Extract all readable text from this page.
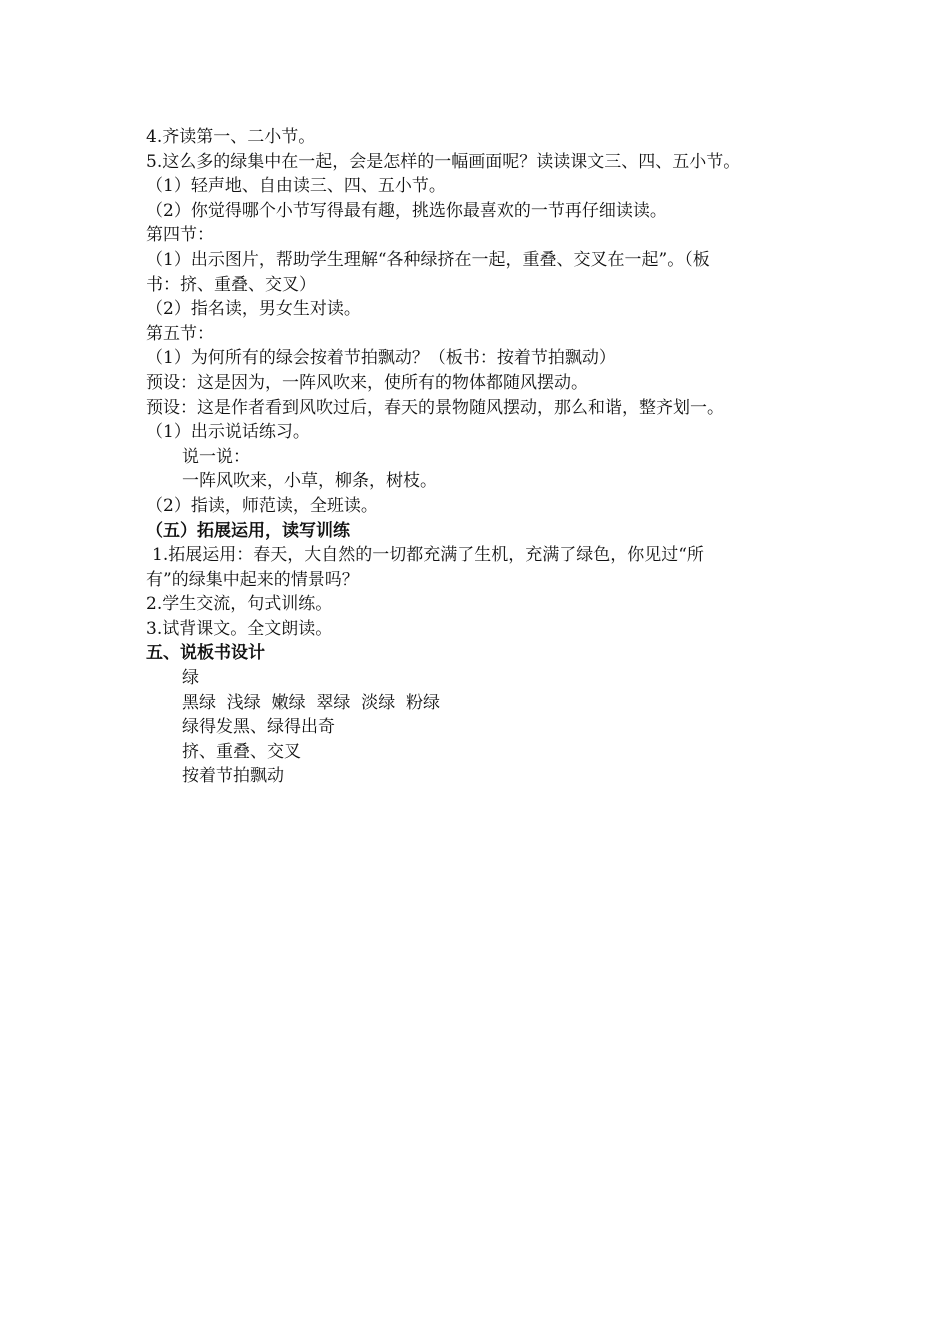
4.齐读第一、二小节。
5.这么多的绿集中在一起，会是怎样的一幅画面呢？读读课文三、四、五小节。
（1）轻声地、自由读三、四、五小节。
（2）你觉得哪个小节写得最有趣，挑选你最喜欢的一节再仔细读读。
第四节：
（1）出示图片，帮助学生理解“各种绿挤在一起，重叠、交叉在一起”。（板
书：挤、重叠、交叉）
（2）指名读，男女生对读。
第五节：
（1）为何所有的绿会按着节拍飘动？（板书：按着节拍飘动）
预设：这是因为，一阵风吹来，使所有的物体都随风摆动。
预设：这是作者看到风吹过后，春天的景物随风摆动，那么和谐，整齐划一。
（1）出示说话练习。
说一说：
一阵风吹来，小草，柳条，树枝。
（2）指读，师范读，全班读。
（五）拓展运用，读写训练
1.拓展运用：春天，大自然的一切都充满了生机，充满了绿色，你见过“所
有”的绿集中起来的情景吗？
2.学生交流，句式训练。
3.试背课文。全文朗读。
五、说板书设计
绿
黑绿  浅绿  嫩绿  翠绿  淡绿  粉绿
绿得发黑、绿得出奇
挤、重叠、交叉
按着节拍飘动
